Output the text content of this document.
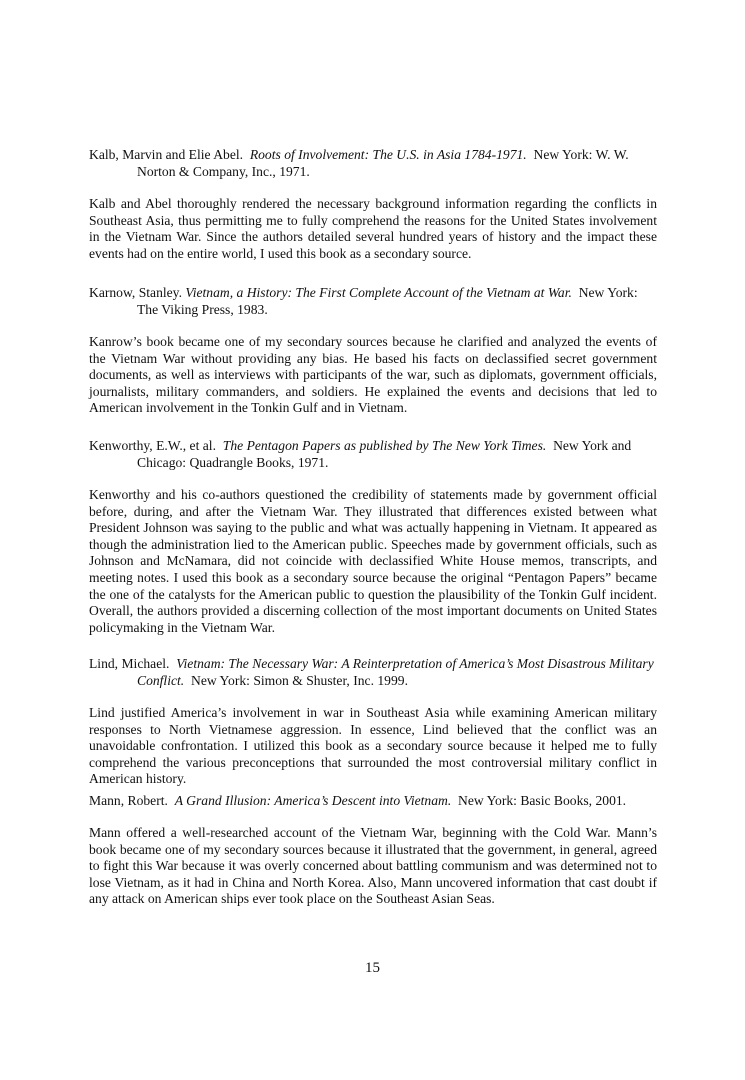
Kalb, Marvin and Elie Abel. Roots of Involvement: The U.S. in Asia 1784-1971. New York: W. W. Norton & Company, Inc., 1971.

Kalb and Abel thoroughly rendered the necessary background information regarding the conflicts in Southeast Asia, thus permitting me to fully comprehend the reasons for the United States involvement in the Vietnam War. Since the authors detailed several hundred years of history and the impact these events had on the entire world, I used this book as a secondary source.

Karnow, Stanley. Vietnam, a History: The First Complete Account of the Vietnam at War. New York: The Viking Press, 1983.

Kanrow’s book became one of my secondary sources because he clarified and analyzed the events of the Vietnam War without providing any bias. He based his facts on declassified secret government documents, as well as interviews with participants of the war, such as diplomats, government officials, journalists, military commanders, and soldiers. He explained the events and decisions that led to American involvement in the Tonkin Gulf and in Vietnam.

Kenworthy, E.W., et al. The Pentagon Papers as published by The New York Times. New York and Chicago: Quadrangle Books, 1971.

Kenworthy and his co-authors questioned the credibility of statements made by government official before, during, and after the Vietnam War. They illustrated that differences existed between what President Johnson was saying to the public and what was actually happening in Vietnam. It appeared as though the administration lied to the American public. Speeches made by government officials, such as Johnson and McNamara, did not coincide with declassified White House memos, transcripts, and meeting notes. I used this book as a secondary source because the original “Pentagon Papers” became the one of the catalysts for the American public to question the plausibility of the Tonkin Gulf incident. Overall, the authors provided a discerning collection of the most important documents on United States policymaking in the Vietnam War.

Lind, Michael. Vietnam: The Necessary War: A Reinterpretation of America’s Most Disastrous Military Conflict. New York: Simon & Shuster, Inc. 1999.

Lind justified America’s involvement in war in Southeast Asia while examining American military responses to North Vietnamese aggression. In essence, Lind believed that the conflict was an unavoidable confrontation. I utilized this book as a secondary source because it helped me to fully comprehend the various preconceptions that surrounded the most controversial military conflict in American history.

Mann, Robert. A Grand Illusion: America’s Descent into Vietnam. New York: Basic Books, 2001.

Mann offered a well-researched account of the Vietnam War, beginning with the Cold War. Mann’s book became one of my secondary sources because it illustrated that the government, in general, agreed to fight this War because it was overly concerned about battling communism and was determined not to lose Vietnam, as it had in China and North Korea. Also, Mann uncovered information that cast doubt if any attack on American ships ever took place on the Southeast Asian Seas.

15
